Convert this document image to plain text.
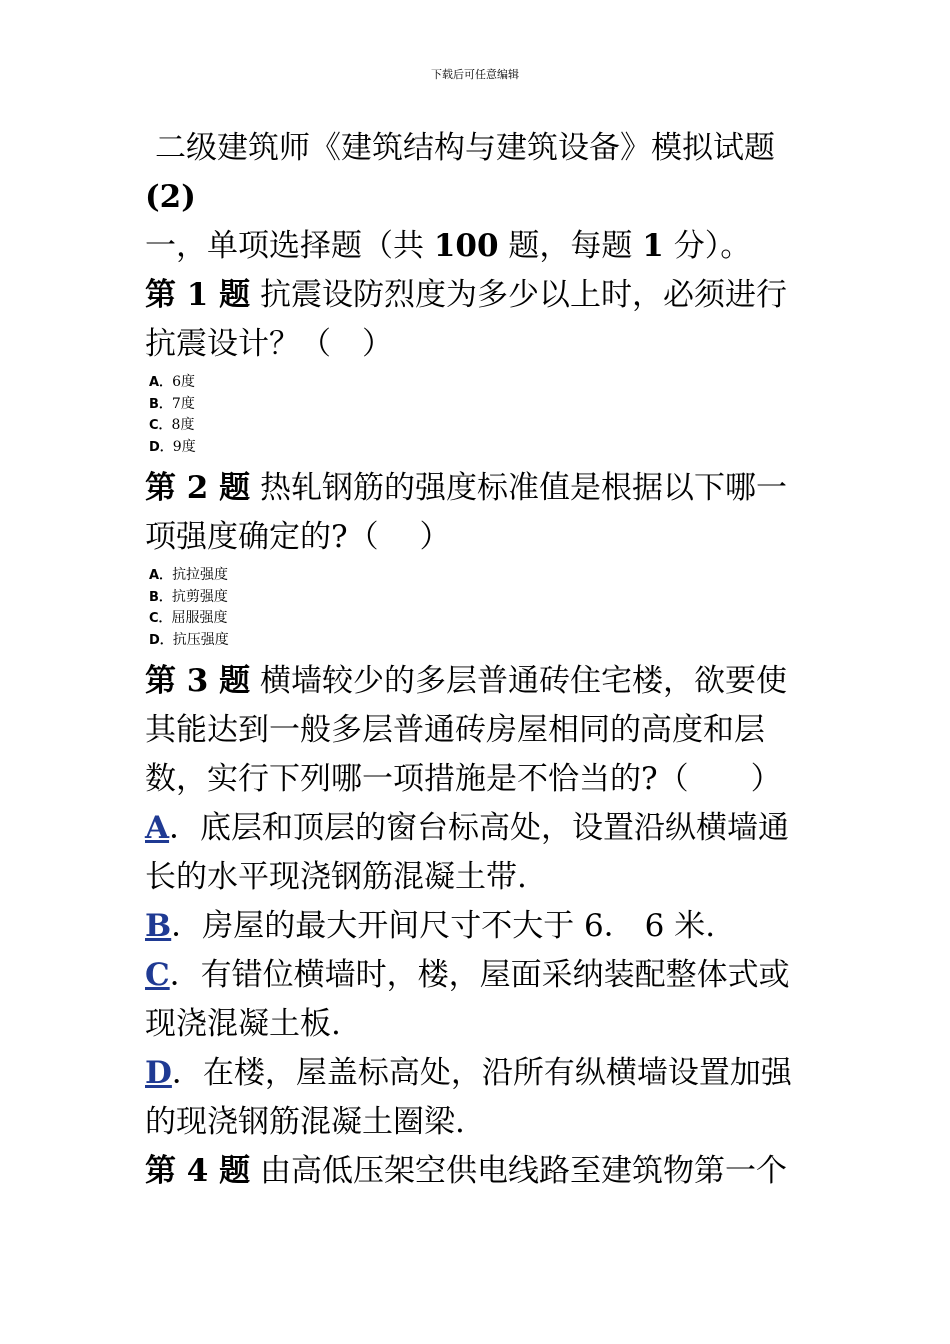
下载后可任意编辑

二级建筑师《建筑结构与建筑设备》模拟试题

(2)

一，单项选择题（共 100 题，每题 1 分）。

第 1 题 抗震设防烈度为多少以上时，必须进行

抗震设计？（　）

A．6度
B．7度
C．8度
D．9度

第 2 题 热轧钢筋的强度标准值是根据以下哪一

项强度确定的?（　 ）

A．抗拉强度
B．抗剪强度
C．屈服强度
D．抗压强度

第 3 题 横墙较少的多层普通砖住宅楼，欲要使

其能达到一般多层普通砖房屋相同的高度和层

数，实行下列哪一项措施是不恰当的?（　　）

A．底层和顶层的窗台标高处，设置沿纵横墙通

长的水平现浇钢筋混凝土带.

B．房屋的最大开间尺寸不大于 6． 6 米.

C．有错位横墙时，楼，屋面采纳装配整体式或

现浇混凝土板.

D．在楼，屋盖标高处，沿所有纵横墙设置加强

的现浇钢筋混凝土圈梁.

第 4 题 由高低压架空供电线路至建筑物第一个
